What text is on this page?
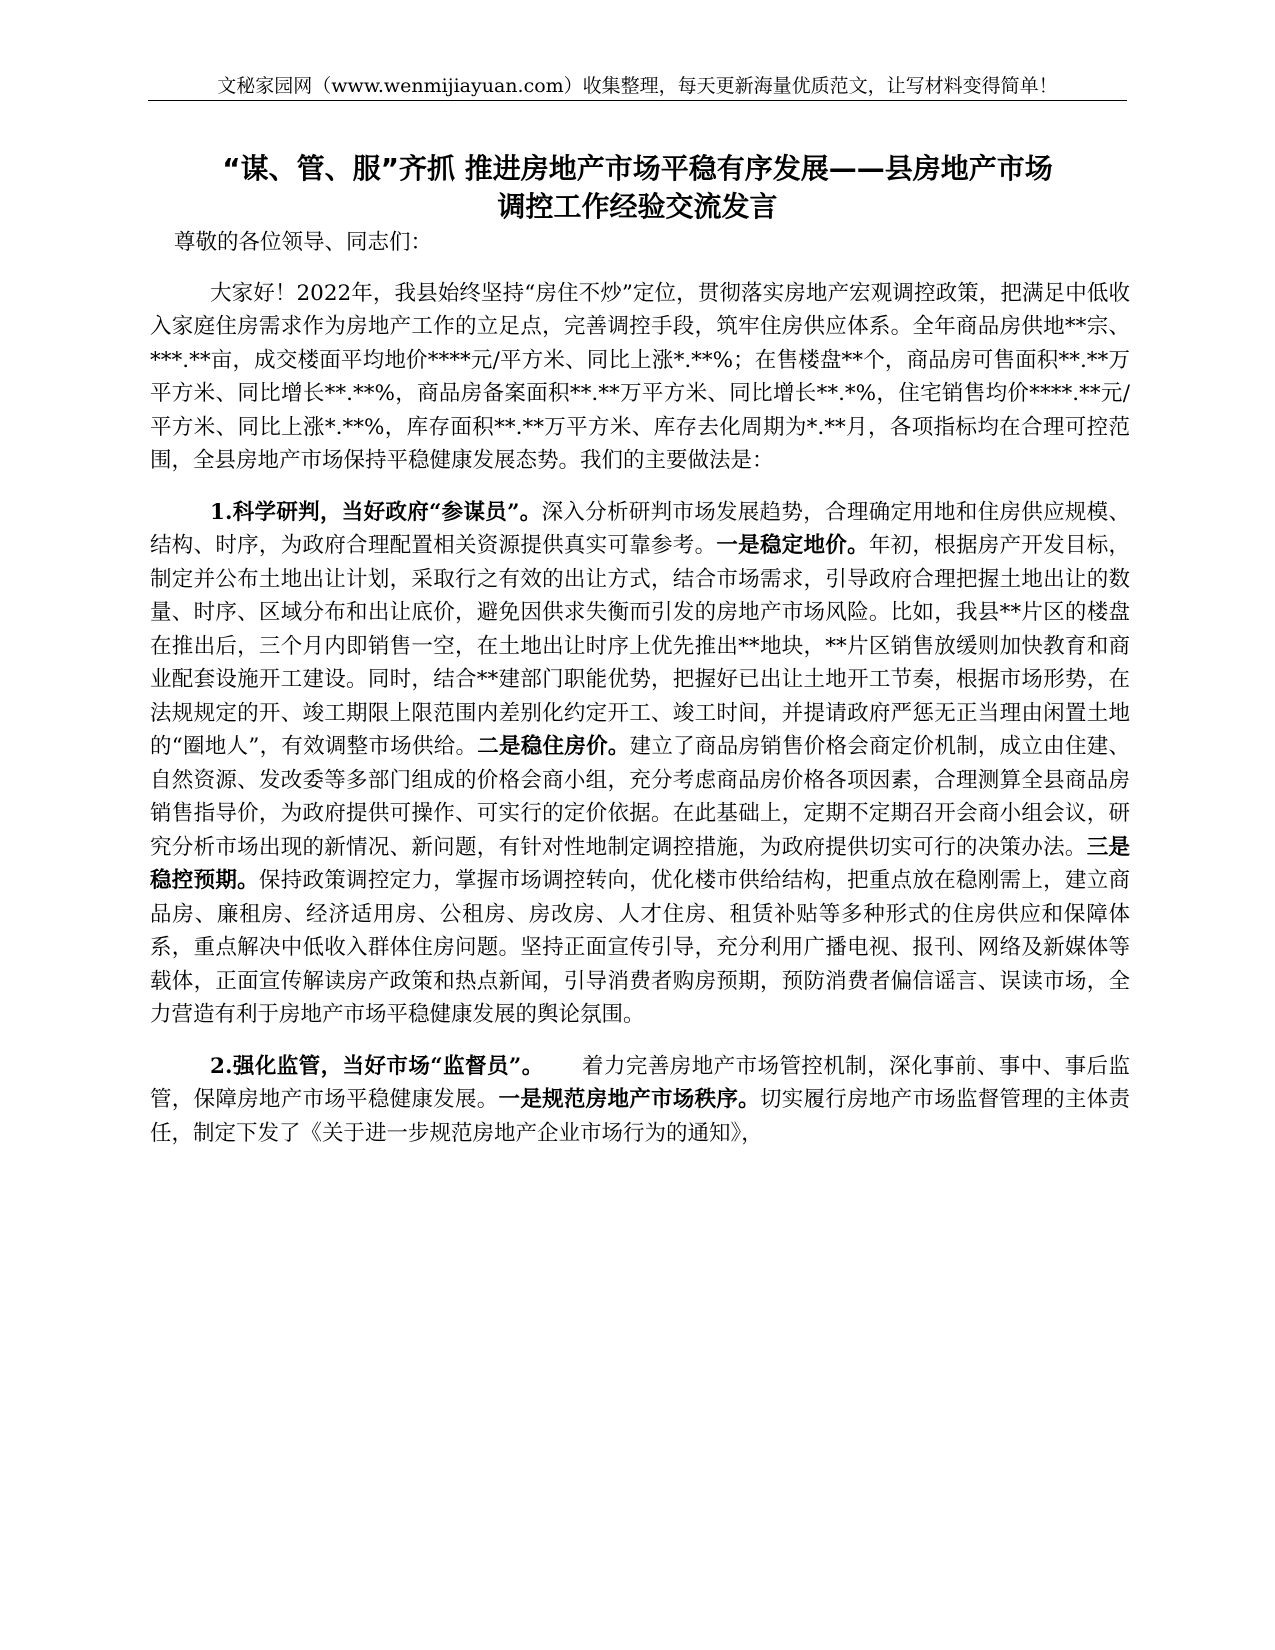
文秘家园网（www.wenmijiayuan.com）收集整理，每天更新海量优质范文，让写材料变得简单！
“谋、管、服”齐抓 推进房地产市场平稳有序发展——县房地产市场
调控工作经验交流发言

尊敬的各位领导、同志们：

大家好！2022年，我县始终坚持“房住不炒”定位，贯彻落实房地产宏观调控政策，把满足中低收入家庭住房需求作为房地产工作的立足点，完善调控手段，筑牢住房供应体系。全年商品房供地**宗、***.**亩，成交楼面平均地价****元/平方米、同比上涨*.**%；在售楼盘**个，商品房可售面积**.**万平方米、同比增长**.**%，商品房备案面积**.**万平方米、同比增长**.*%，住宅销售均价****.**元/平方米、同比上涨*.**%，库存面积**.**万平方米、库存去化周期为*.**月，各项指标均在合理可控范围，全县房地产市场保持平稳健康发展态势。我们的主要做法是：

1.科学研判，当好政府“参谋员”。深入分析研判市场发展趋势，合理确定用地和住房供应规模、结构、时序，为政府合理配置相关资源提供真实可靠参考。一是稳定地价。年初，根据房产开发目标，制定并公布土地出让计划，采取行之有效的出让方式，结合市场需求，引导政府合理把握土地出让的数量、时序、区域分布和出让底价，避免因供求失衡而引发的房地产市场风险。比如，我县**片区的楼盘在推出后，三个月内即销售一空，在土地出让时序上优先推出**地块，**片区销售放缓则加快教育和商业配套设施开工建设。同时，结合**建部门职能优势，把握好已出让土地开工节奏，根据市场形势，在法规规定的开、竣工期限上限范围内差别化约定开工、竣工时间，并提请政府严惩无正当理由闲置土地的“圈地人”，有效调整市场供给。二是稳住房价。建立了商品房销售价格会商定价机制，成立由住建、自然资源、发改委等多部门组成的价格会商小组，充分考虑商品房价格各项因素，合理测算全县商品房销售指导价，为政府提供可操作、可实行的定价依据。在此基础上，定期不定期召开会商小组会议，研究分析市场出现的新情况、新问题，有针对性地制定调控措施，为政府提供切实可行的决策办法。三是稳控预期。保持政策调控定力，掌握市场调控转向，优化楼市供给结构，把重点放在稳刚需上，建立商品房、廉租房、经济适用房、公租房、房改房、人才住房、租赁补贴等多种形式的住房供应和保障体系，重点解决中低收入群体住房问题。坚持正面宣传引导，充分利用广播电视、报刊、网络及新媒体等载体，正面宣传解读房产政策和热点新闻，引导消费者购房预期，预防消费者偏信谣言、误读市场，全力营造有利于房地产市场平稳健康发展的舆论氛围。

2.强化监管，当好市场“监督员”。 着力完善房地产市场管控机制，深化事前、事中、事后监管，保障房地产市场平稳健康发展。一是规范房地产市场秩序。切实履行房地产市场监督管理的主体责任，制定下发了《关于进一步规范房地产企业市场行为的通知》，
